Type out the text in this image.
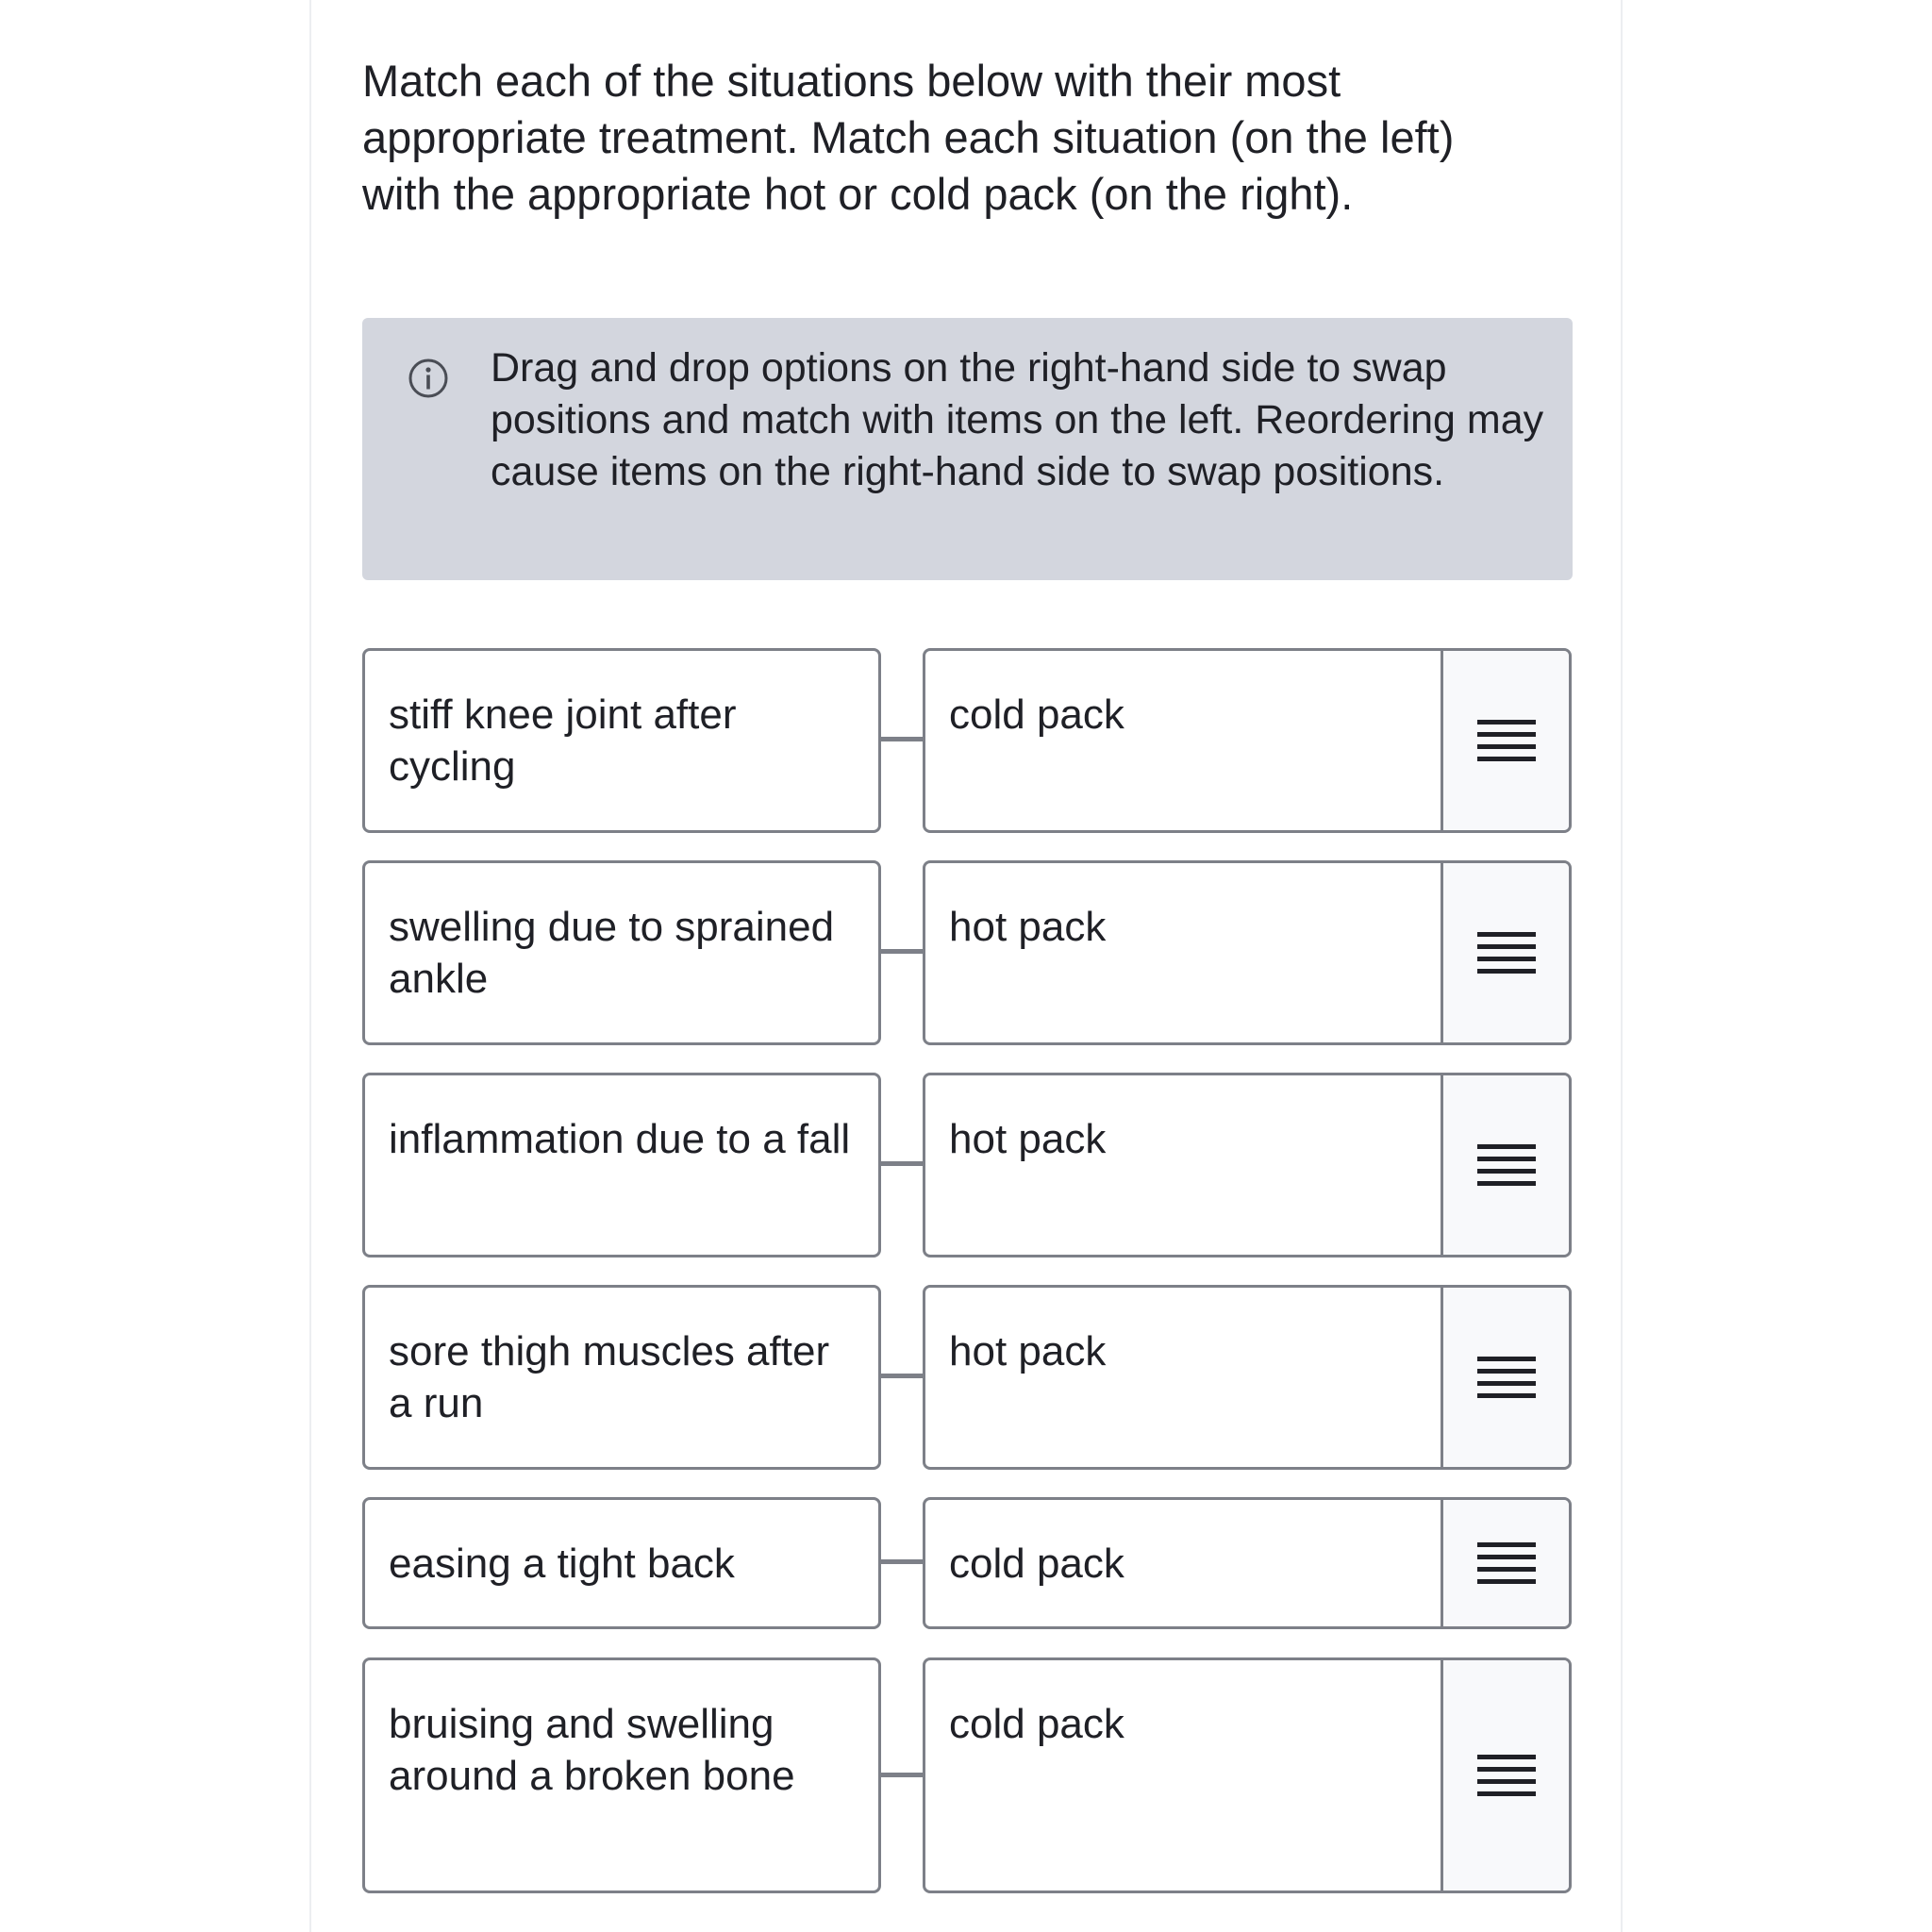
Match each of the situations below with their most appropriate treatment. Match each situation (on the left) with the appropriate hot or cold pack (on the right).
Drag and drop options on the right-hand side to swap positions and match with items on the left. Reordering may cause items on the right-hand side to swap positions.
stiff knee joint after cycling
cold pack
swelling due to sprained ankle
hot pack
inflammation due to a fall hot pack
sore thigh muscles after a run
hot pack
easing a tight back	cold pack
bruising and swelling around a broken bone
cold pack
